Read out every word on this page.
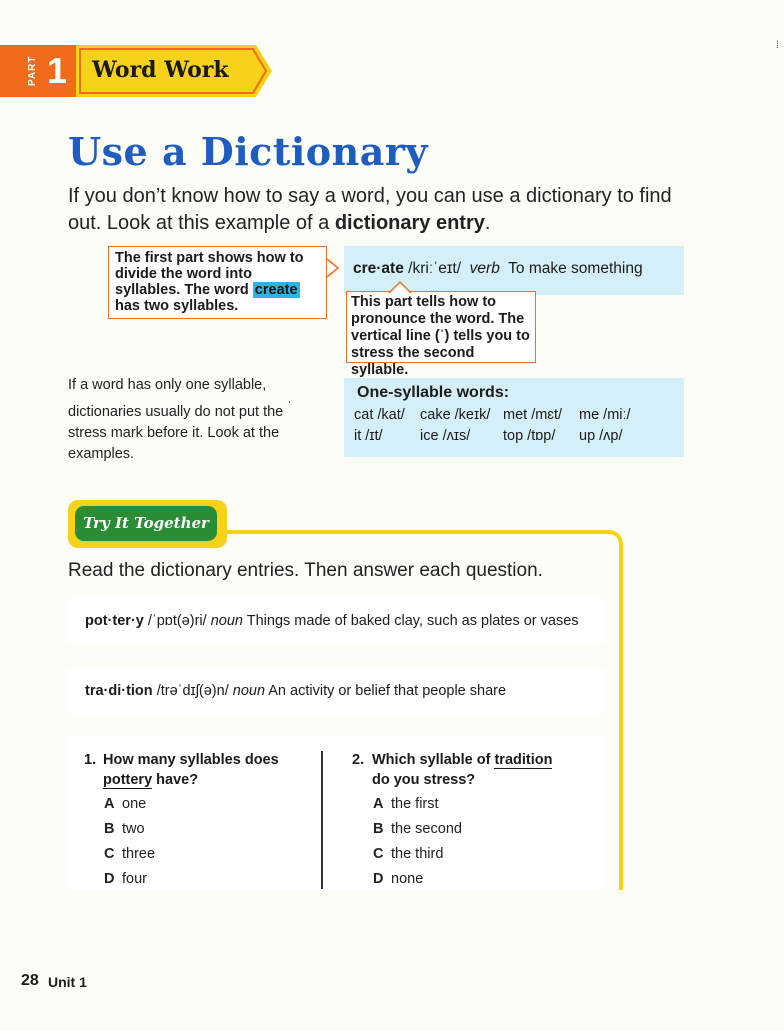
PART 1 Word Work
⁞
Use a Dictionary
If you don’t know how to say a word, you can use a dictionary to find out. Look at this example of a dictionary entry.
The first part shows how to divide the word into syllables. The word create has two syllables.
cre·ate /kriːˈeɪt/ verb To make something
This part tells how to pronounce the word. The vertical line (ˈ) tells you to stress the second syllable.
If a word has only one syllable, dictionaries usually do not put the $^ˈ$ stress mark before it. Look at the examples.
One-syllable words:
cat /kat/ cake /keɪk/ met /mɛt/ me /miː/
it /ɪt/	ice /ʌɪs/ top /tɒp/ up /ʌp/
Try It Together
Read the dictionary entries. Then answer each question.
pot·ter·y /ˈpɒt(ə)ri/ noun Things made of baked clay, such as plates or vases
tra·di·tion /trəˈdɪʃ(ə)n/ noun An activity or belief that people share
1. How many syllables does
pottery have?
A one
B two
C three
D four
2. Which syllable of tradition
do you stress?
A the first
B the second
C the third
D none
28 Unit 1
